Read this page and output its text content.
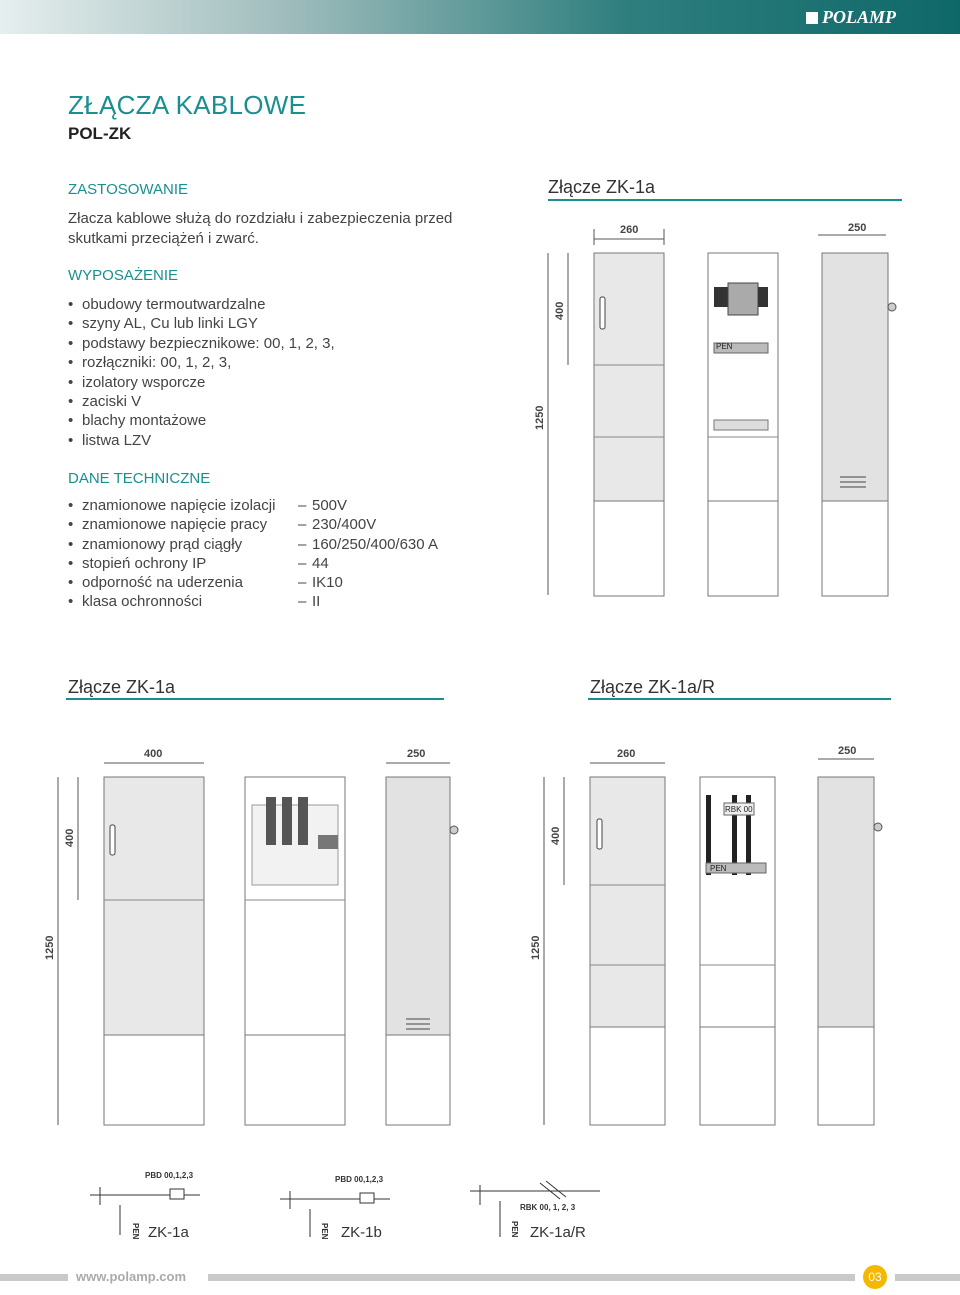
POLAMP
ZŁĄCZA KABLOWE
POL-ZK
ZASTOSOWANIE
Złacza kablowe służą do rozdziału i zabezpieczenia przed skutkami przeciążeń i zwarć.
WYPOSAŻENIE
• obudowy termoutwardzalne
• szyny AL, Cu lub linki LGY
• podstawy bezpiecznikowe: 00, 1, 2, 3,
• rozłączniki: 00, 1, 2, 3,
• izolatory wsporcze
• zaciski V
• blachy montażowe
• listwa LZV
DANE TECHNICZNE
• znamionowe napięcie izolacji	– 500V
• znamionowe napięcie pracy	– 230/400V
• znamionowy prąd ciągły	– 160/250/400/630 A
• stopień ochrony IP	– 44
• odporność na uderzenia	– IK10
• klasa ochronności	– II
Złącze ZK-1a
260	250
400
1250
PEN
Złącze ZK-1a	Złącze ZK-1a/R
400	250
400
1250
260	250
400
1250
RBK 00
PEN
PBD 00,1,2,3
PEN ZK-1a
PBD 00,1,2,3
PEN ZK-1b
RBK 00, 1, 2, 3
PEN ZK-1a/R
www.polamp.com	03
